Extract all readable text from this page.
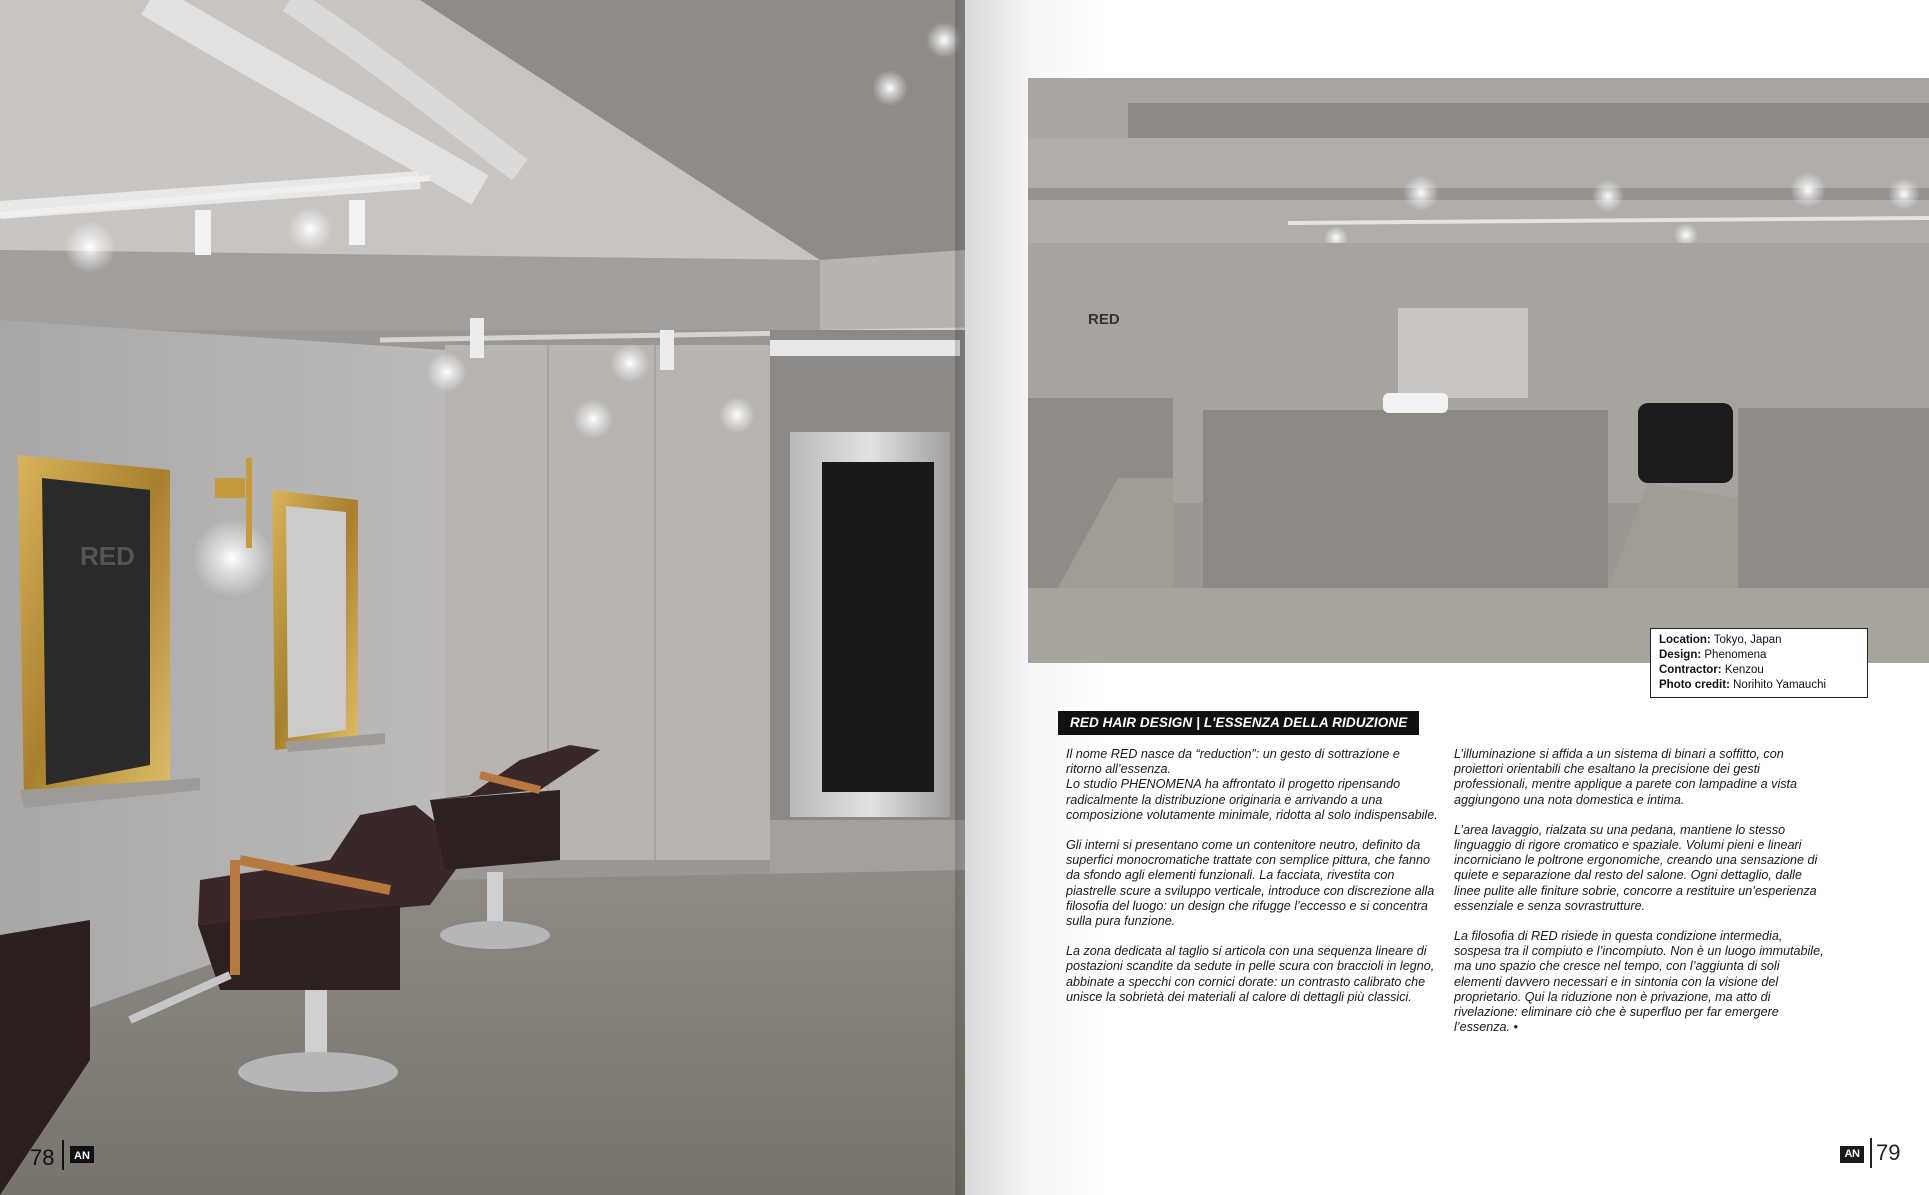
RED
78 AN
RED
Location: Tokyo, Japan
Design: Phenomena
Contractor: Kenzou
Photo credit: Norihito Yamauchi
RED HAIR DESIGN | L'ESSENZA DELLA RIDUZIONE

Il nome RED nasce da “reduction”: un gesto di sottrazione e ritorno all’essenza.
Lo studio PHENOMENA ha affrontato il progetto ripensando radicalmente la distribuzione originaria e arrivando a una composizione volutamente minimale, ridotta al solo indispensabile.

Gli interni si presentano come un contenitore neutro, definito da superfici monocromatiche trattate con semplice pittura, che fanno da sfondo agli elementi funzionali. La facciata, rivestita con piastrelle scure a sviluppo verticale, introduce con discrezione alla filosofia del luogo: un design che rifugge l’eccesso e si concentra sulla pura funzione.

La zona dedicata al taglio si articola con una sequenza lineare di postazioni scandite da sedute in pelle scura con braccioli in legno, abbinate a specchi con cornici dorate: un contrasto calibrato che unisce la sobrietà dei materiali al calore di dettagli più classici.

L’illuminazione si affida a un sistema di binari a soffitto, con proiettori orientabili che esaltano la precisione dei gesti professionali, mentre applique a parete con lampadine a vista aggiungono una nota domestica e intima.

L’area lavaggio, rialzata su una pedana, mantiene lo stesso linguaggio di rigore cromatico e spaziale. Volumi pieni e lineari incorniciano le poltrone ergonomiche, creando una sensazione di quiete e separazione dal resto del salone. Ogni dettaglio, dalle linee pulite alle finiture sobrie, concorre a restituire un’esperienza essenziale e senza sovrastrutture.

La filosofia di RED risiede in questa condizione intermedia, sospesa tra il compiuto e l’incompiuto. Non è un luogo immutabile, ma uno spazio che cresce nel tempo, con l’aggiunta di soli elementi davvero necessari e in sintonia con la visione del proprietario. Qui la riduzione non è privazione, ma atto di rivelazione: eliminare ciò che è superfluo per far emergere l’essenza. •

AN 79
